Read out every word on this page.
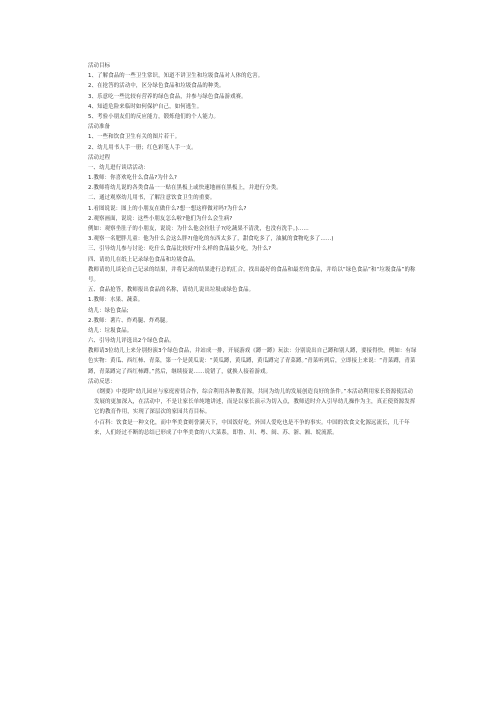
活动目标
1、了解食品的一些卫生常识，知道不讲卫生和垃圾食品对人体的危害。
2、在抢答的活动中，区分绿色食品和垃圾食品的种类。
3、乐意吃一些比较有营养的绿色食品，并参与绿色食品游戏赛。
4、知道危险来临时如何保护自己，如何逃生。
5、考验小朋友们的反应能力，锻炼他们的个人能力。
活动准备
1、一些和饮食卫生有关的图片若干。
2、幼儿用书人手一册；红色彩笔人手一支。
活动过程
一、幼儿进行谈话活动：
1.教师：你喜欢吃什么食品?为什么?
2.教师将幼儿说的各类食品一一贴在黑板上或快速地画在黑板上，并进行分类。
二、通过观察幼儿用书，了解注意饮食卫生的重要。
1.看图说说：图上的小朋友在做什么?想一想这样做对吗?为什么?
2.观察画面，说说：这些小朋友怎么啦?他们为什么会生病?
例如：观察坐肚子的小朋友，说说：为什么他会拉肚子?(吃蔬果不清洗，也没有洗手。)……
3.观察一名肥胖儿童：他为什么会这么胖?(他吃的东西太多了，甜食吃多了，油腻的食物吃多了……)
三、引导幼儿参与讨论：吃什么食品比较好?什么样的食品最少吃，为什么?
四、请幼儿在纸上记录绿色食品和垃圾食品。
教师请幼儿谈论自己记录的结果，并将记录的结果进行总的汇合，找出最好的食品和最差的食品，并给以“绿色食品”和“垃圾食品”的称号。
五、食品抢答，教师报出食品的名称，请幼儿说出垃圾或绿色食品。
1.教师：水果、蔬菜。
幼儿：绿色食品;
2.教师：薯片、炸鸡腿、炸鸡腿。
幼儿：垃圾食品。
六、引导幼儿评选出2个绿色食品。
教师请3位幼儿上来分别扮演3个绿色食品，并站成一排，开展游戏《蹲一蹲》玩法：分别说出自己蹲和别人蹲，要接得快。例如：有绿色实物：黄瓜、西红柿、青菜，第一个是黄瓜说：“黄瓜蹲，黄瓜蹲，黄瓜蹲完了青菜蹲。”青菜听到后，立即接上来说：“青菜蹲，青菜蹲，青菜蹲完了西红柿蹲。”然后，继续接说……说错了，就换人接着游戏。
活动反思：
《纲要》中提到“幼儿园应与家庭密切合作，综合利用各种教育源，共同为幼儿的发展创造良好的条件。”本活动利用家长资源使活动发展的更加深入，在活动中，不是让家长单纯地讲述，而是以家长演示为切入点，教师适时介入引导幼儿操作为主，真正使资源发挥它的教育作用，实现了深层次的家园共育目标。
小百科：饮食是一种文化，而中华美食则誉满天下，中国饭好吃，外国人爱吃也是不争的事实。中国的饮食文化源远流长，几千年来，人们经过不断的总结已形成了中华美食的八大菜系，即鲁、川、粤、闽、苏、浙、湘、皖流派。
